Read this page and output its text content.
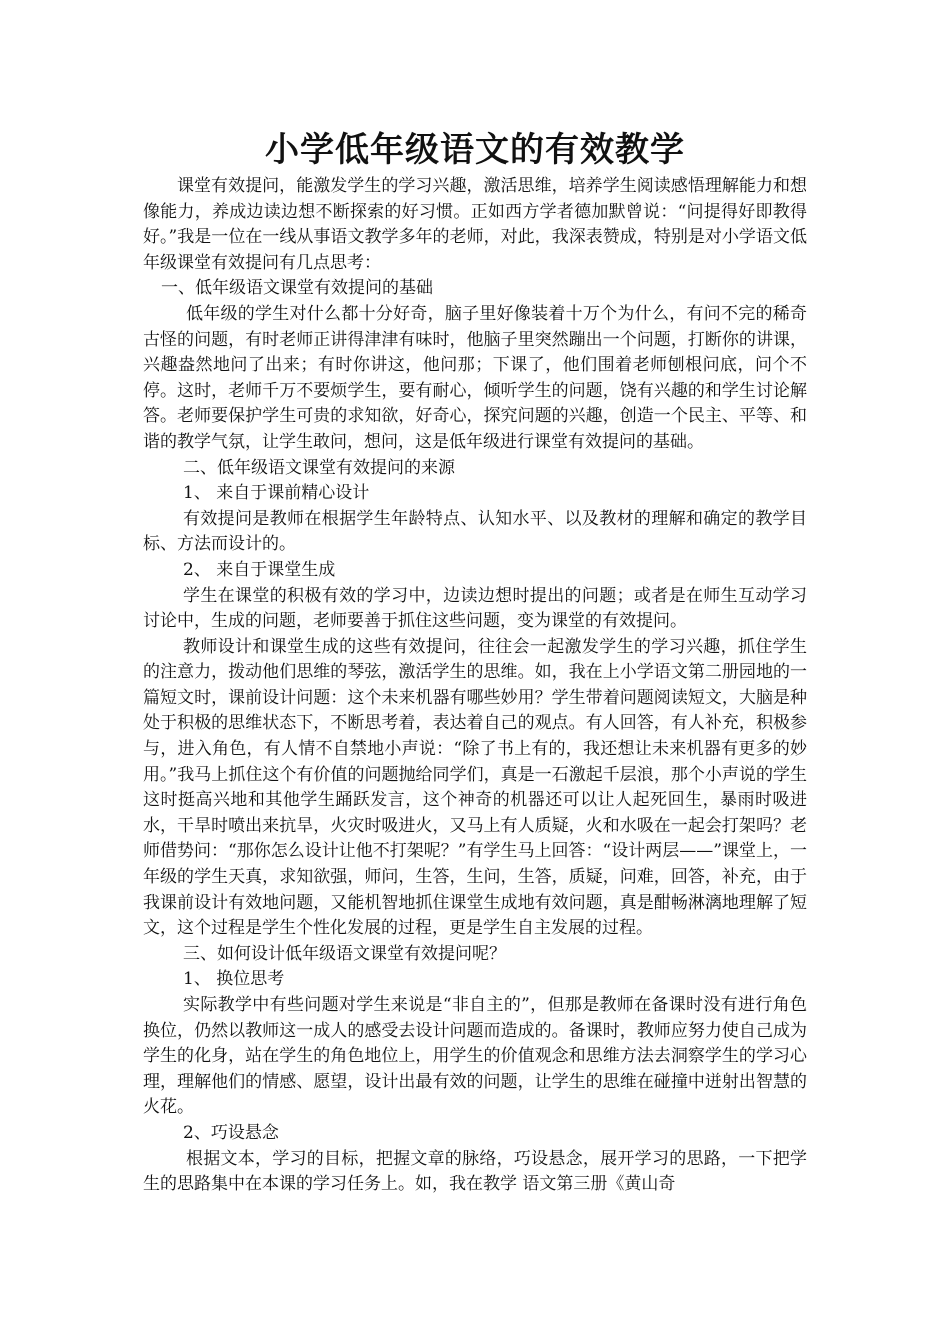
小学低年级语文的有效教学

课堂有效提问，能激发学生的学习兴趣，激活思维，培养学生阅读感悟理解能力和想像能力，养成边读边想不断探索的好习惯。正如西方学者德加默曾说：“问提得好即教得好。”我是一位在一线从事语文教学多年的老师，对此，我深表赞成，特别是对小学语文低年级课堂有效提问有几点思考：

一、低年级语文课堂有效提问的基础

低年级的学生对什么都十分好奇，脑子里好像装着十万个为什么，有问不完的稀奇古怪的问题，有时老师正讲得津津有味时，他脑子里突然蹦出一个问题，打断你的讲课，兴趣盎然地问了出来；有时你讲这，他问那；下课了，他们围着老师刨根问底，问个不停。这时，老师千万不要烦学生，要有耐心，倾听学生的问题，饶有兴趣的和学生讨论解答。老师要保护学生可贵的求知欲，好奇心，探究问题的兴趣，创造一个民主、平等、和谐的教学气氛，让学生敢问，想问，这是低年级进行课堂有效提问的基础。

二、低年级语文课堂有效提问的来源

1、 来自于课前精心设计

有效提问是教师在根据学生年龄特点、认知水平、以及教材的理解和确定的教学目标、方法而设计的。

2、 来自于课堂生成

学生在课堂的积极有效的学习中，边读边想时提出的问题；或者是在师生互动学习讨论中，生成的问题，老师要善于抓住这些问题，变为课堂的有效提问。

教师设计和课堂生成的这些有效提问，往往会一起激发学生的学习兴趣，抓住学生的注意力，拨动他们思维的琴弦，激活学生的思维。如，我在上小学语文第二册园地的一篇短文时，课前设计问题：这个未来机器有哪些妙用？学生带着问题阅读短文，大脑是种处于积极的思维状态下，不断思考着，表达着自己的观点。有人回答，有人补充，积极参与，进入角色，有人情不自禁地小声说：“除了书上有的，我还想让未来机器有更多的妙用。”我马上抓住这个有价值的问题抛给同学们，真是一石激起千层浪，那个小声说的学生这时挺高兴地和其他学生踊跃发言，这个神奇的机器还可以让人起死回生，暴雨时吸进水，干旱时喷出来抗旱，火灾时吸进火，又马上有人质疑，火和水吸在一起会打架吗？老师借势问：“那你怎么设计让他不打架呢？”有学生马上回答：“设计两层——”课堂上，一年级的学生天真，求知欲强，师问，生答，生问，生答，质疑，问难，回答，补充，由于我课前设计有效地问题，又能机智地抓住课堂生成地有效问题，真是酣畅淋漓地理解了短文，这个过程是学生个性化发展的过程，更是学生自主发展的过程。

三、如何设计低年级语文课堂有效提问呢？

1、 换位思考

实际教学中有些问题对学生来说是“非自主的”，但那是教师在备课时没有进行角色换位，仍然以教师这一成人的感受去设计问题而造成的。备课时，教师应努力使自己成为学生的化身，站在学生的角色地位上，用学生的价值观念和思维方法去洞察学生的学习心理，理解他们的情感、愿望，设计出最有效的问题，让学生的思维在碰撞中迸射出智慧的火花。

2、巧设悬念

根据文本，学习的目标，把握文章的脉络，巧设悬念，展开学习的思路，一下把学生的思路集中在本课的学习任务上。如，我在教学 语文第三册《黄山奇
